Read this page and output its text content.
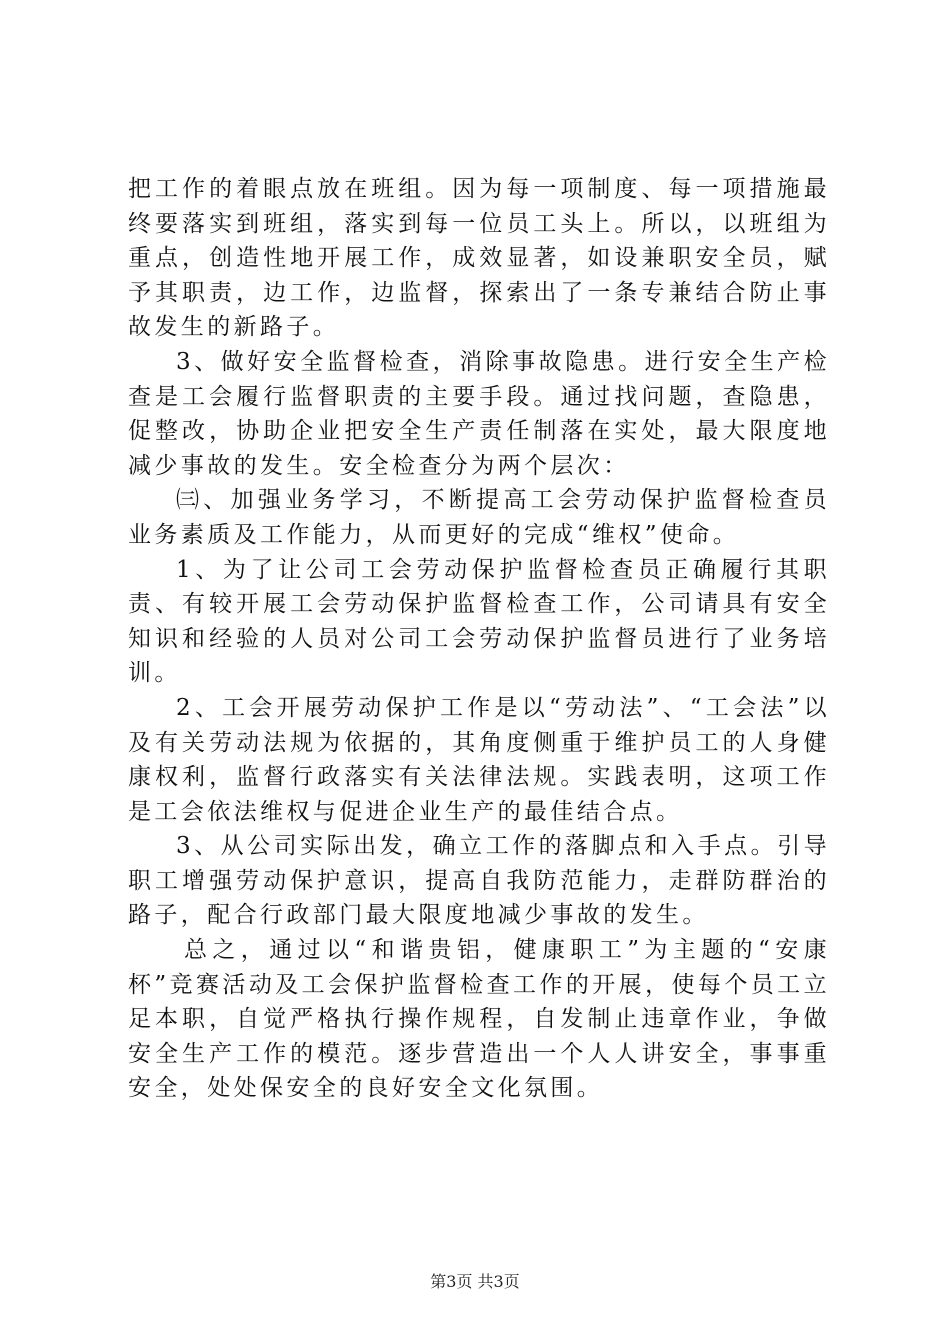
把工作的着眼点放在班组。因为每一项制度、每一项措施最终要落实到班组，落实到每一位员工头上。所以，以班组为重点，创造性地开展工作，成效显著，如设兼职安全员，赋予其职责，边工作，边监督，探索出了一条专兼结合防止事故发生的新路子。

3、做好安全监督检查，消除事故隐患。进行安全生产检查是工会履行监督职责的主要手段。通过找问题，查隐患，促整改，协助企业把安全生产责任制落在实处，最大限度地减少事故的发生。安全检查分为两个层次：

㈢、加强业务学习，不断提高工会劳动保护监督检查员业务素质及工作能力，从而更好的完成“维权”使命。

1、为了让公司工会劳动保护监督检查员正确履行其职责、有较开展工会劳动保护监督检查工作，公司请具有安全知识和经验的人员对公司工会劳动保护监督员进行了业务培训。

2、工会开展劳动保护工作是以“劳动法”、“工会法”以及有关劳动法规为依据的，其角度侧重于维护员工的人身健康权利，监督行政落实有关法律法规。实践表明，这项工作是工会依法维权与促进企业生产的最佳结合点。

3、从公司实际出发，确立工作的落脚点和入手点。引导职工增强劳动保护意识，提高自我防范能力，走群防群治的路子，配合行政部门最大限度地减少事故的发生。

总之，通过以“和谐贵铝，健康职工”为主题的“安康杯”竞赛活动及工会保护监督检查工作的开展，使每个员工立足本职，自觉严格执行操作规程，自发制止违章作业，争做安全生产工作的模范。逐步营造出一个人人讲安全，事事重安全，处处保安全的良好安全文化氛围。

第3页 共3页
